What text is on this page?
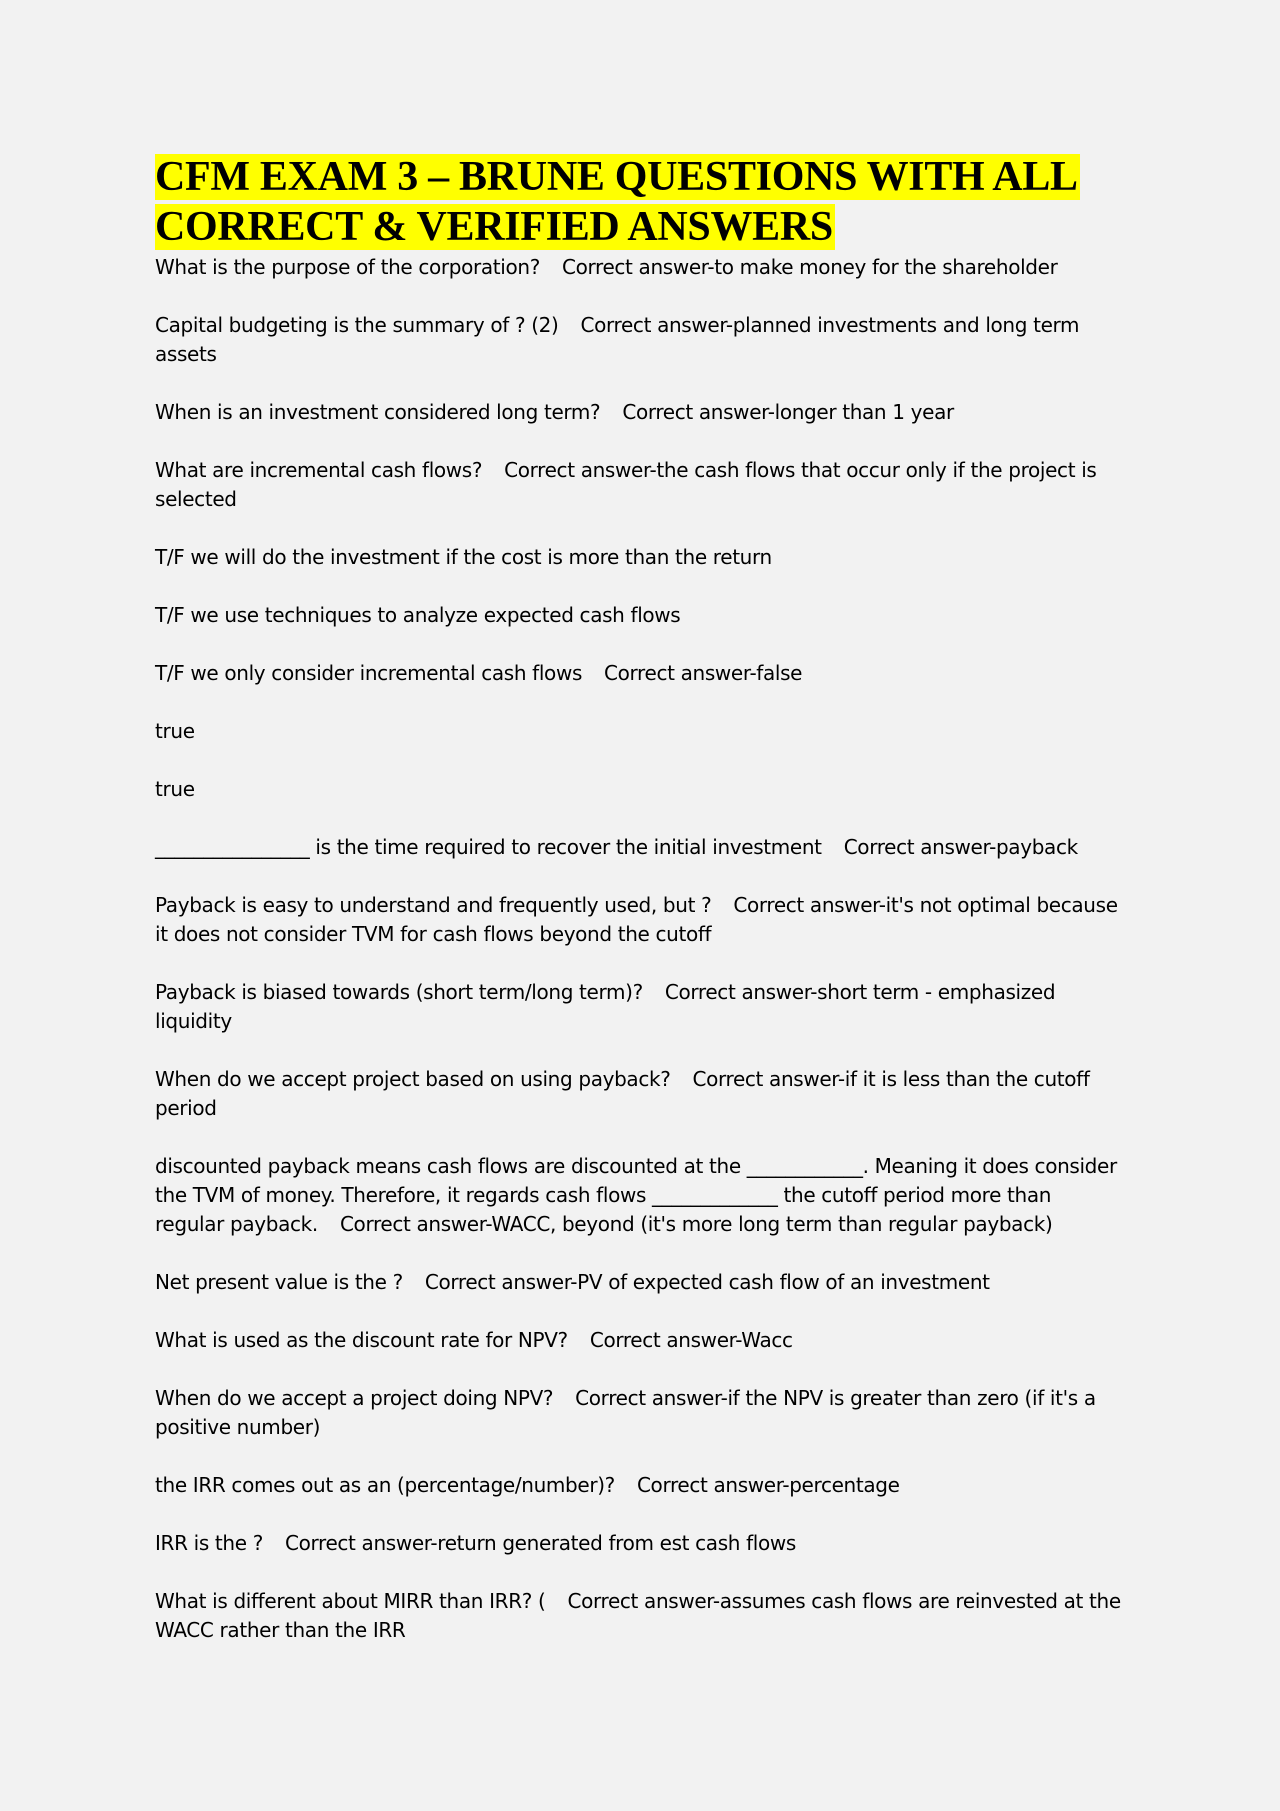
CFM EXAM 3 – BRUNE QUESTIONS WITH ALL CORRECT & VERIFIED ANSWERS

What is the purpose of the corporation? Correct answer-to make money for the shareholder

Capital budgeting is the summary of ? (2) Correct answer-planned investments and long term assets

When is an investment considered long term? Correct answer-longer than 1 year

What are incremental cash flows? Correct answer-the cash flows that occur only if the project is selected

T/F we will do the investment if the cost is more than the return

T/F we use techniques to analyze expected cash flows

T/F we only consider incremental cash flows Correct answer-false

true

true

________________ is the time required to recover the initial investment Correct answer-payback

Payback is easy to understand and frequently used, but ? Correct answer-it's not optimal because it does not consider TVM for cash flows beyond the cutoff

Payback is biased towards (short term/long term)? Correct answer-short term - emphasized liquidity

When do we accept project based on using payback? Correct answer-if it is less than the cutoff period

discounted payback means cash flows are discounted at the ____________. Meaning it does consider the TVM of money. Therefore, it regards cash flows _____________ the cutoff period more than regular payback. Correct answer-WACC, beyond (it's more long term than regular payback)

Net present value is the ? Correct answer-PV of expected cash flow of an investment

What is used as the discount rate for NPV? Correct answer-Wacc

When do we accept a project doing NPV? Correct answer-if the NPV is greater than zero (if it's a positive number)

the IRR comes out as an (percentage/number)? Correct answer-percentage

IRR is the ? Correct answer-return generated from est cash flows

What is different about MIRR than IRR? ( Correct answer-assumes cash flows are reinvested at the WACC rather than the IRR
